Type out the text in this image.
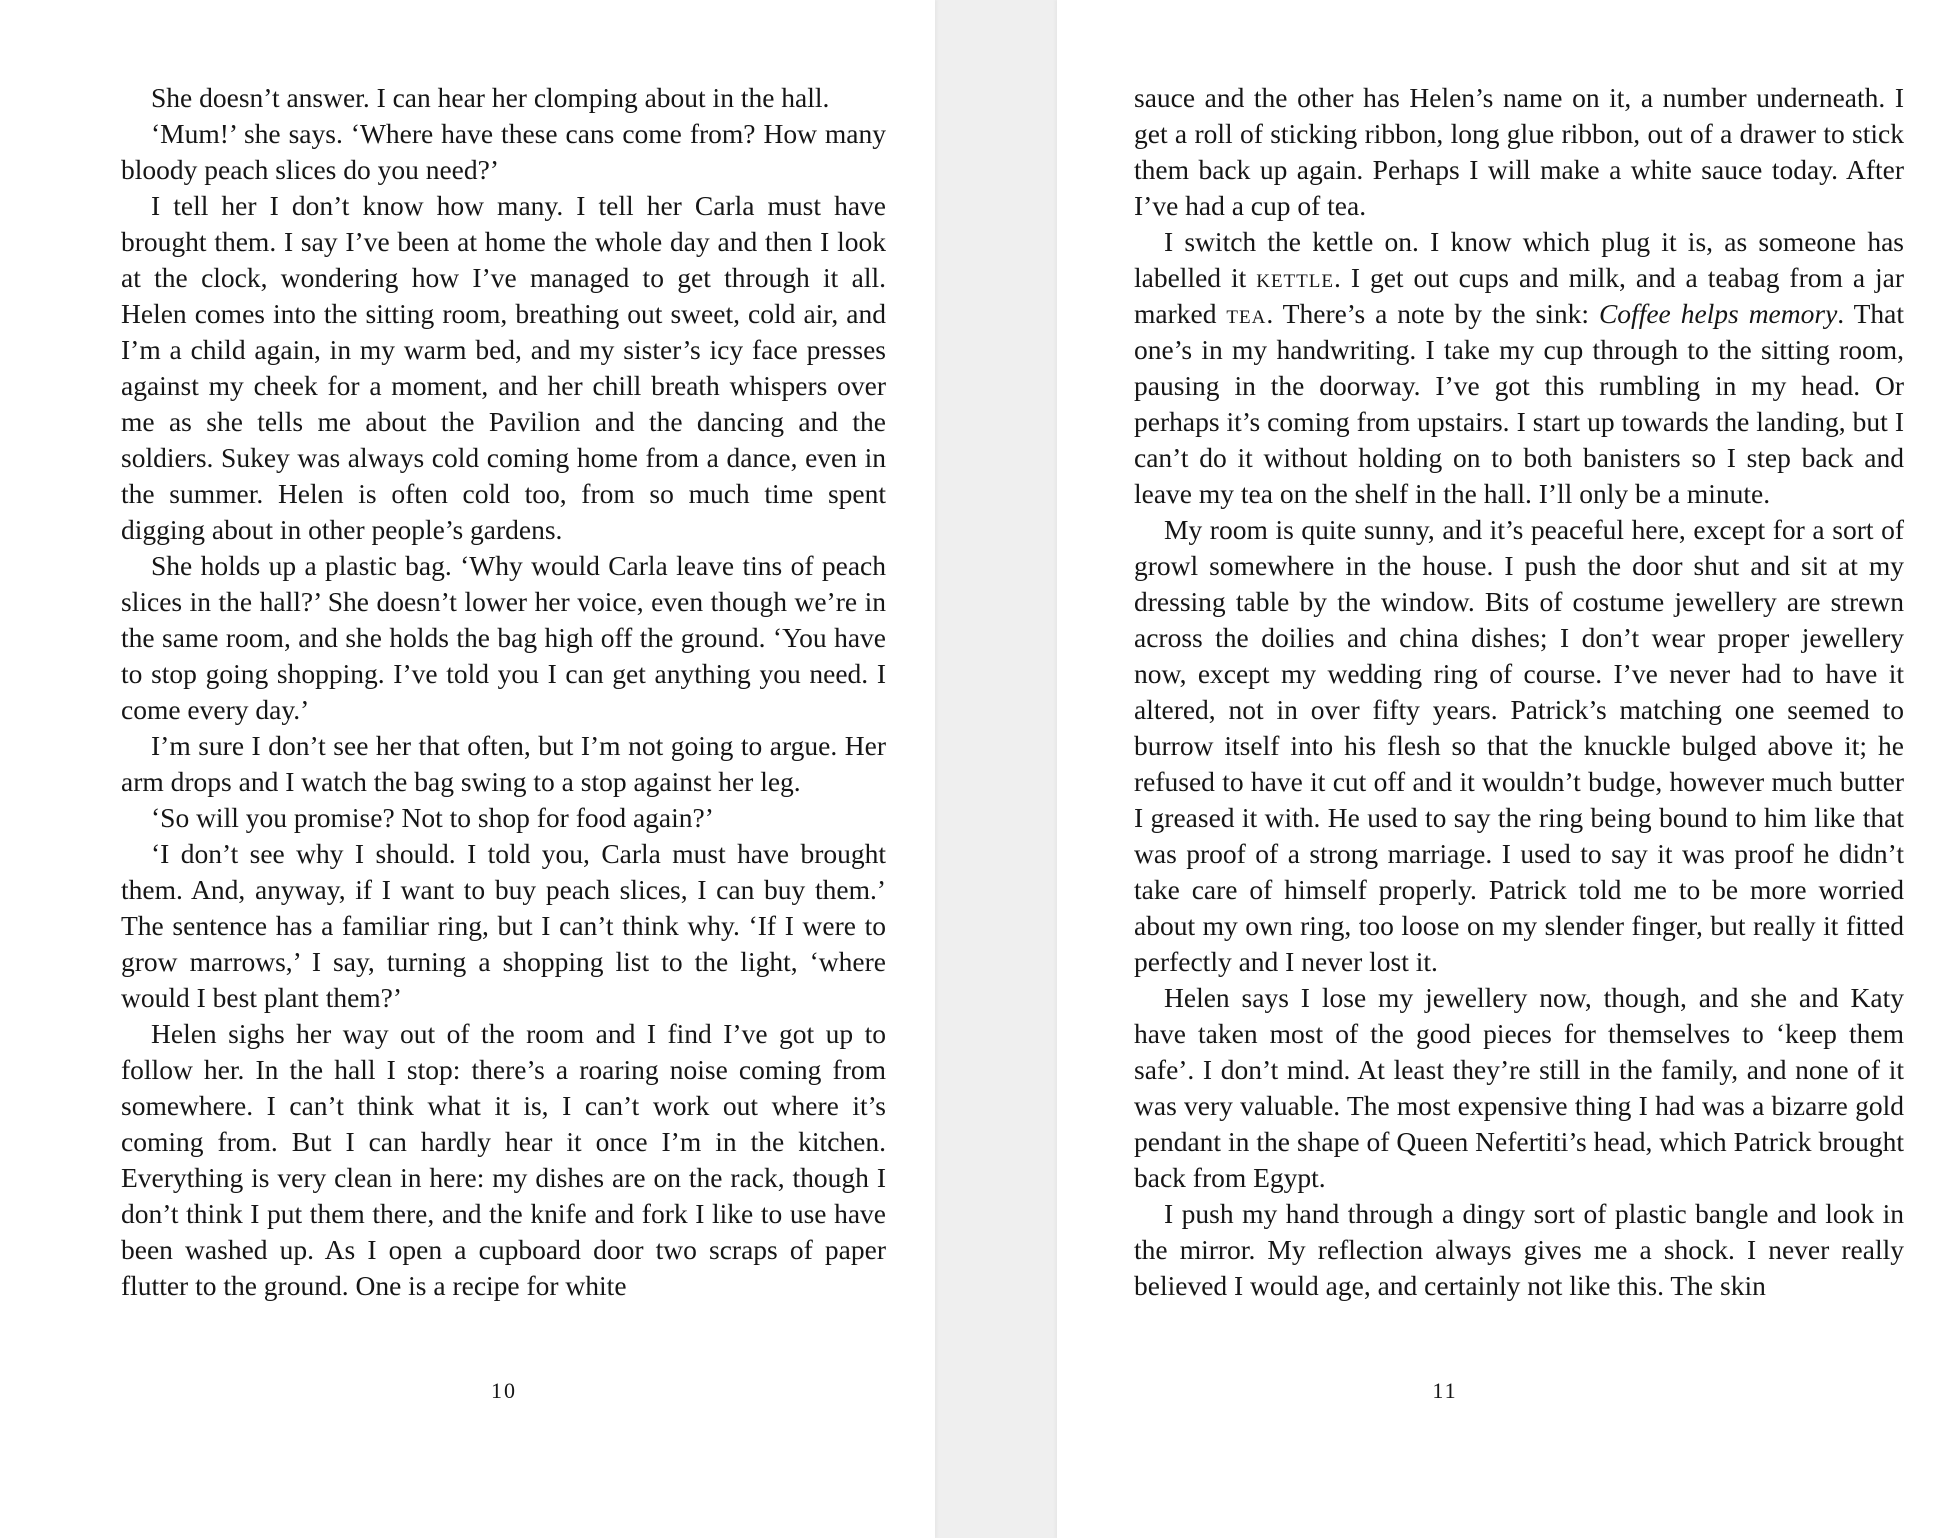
She doesn’t answer. I can hear her clomping about in the hall.

‘Mum!’ she says. ‘Where have these cans come from? How many bloody peach slices do you need?’

I tell her I don’t know how many. I tell her Carla must have brought them. I say I’ve been at home the whole day and then I look at the clock, wondering how I’ve managed to get through it all. Helen comes into the sitting room, breathing out sweet, cold air, and I’m a child again, in my warm bed, and my sister’s icy face presses against my cheek for a moment, and her chill breath whispers over me as she tells me about the Pavilion and the dancing and the soldiers. Sukey was always cold coming home from a dance, even in the summer. Helen is often cold too, from so much time spent digging about in other people’s gardens.

She holds up a plastic bag. ‘Why would Carla leave tins of peach slices in the hall?’ She doesn’t lower her voice, even though we’re in the same room, and she holds the bag high off the ground. ‘You have to stop going shopping. I’ve told you I can get anything you need. I come every day.’

I’m sure I don’t see her that often, but I’m not going to argue. Her arm drops and I watch the bag swing to a stop against her leg.

‘So will you promise? Not to shop for food again?’

‘I don’t see why I should. I told you, Carla must have brought them. And, anyway, if I want to buy peach slices, I can buy them.’ The sentence has a familiar ring, but I can’t think why. ‘If I were to grow marrows,’ I say, turning a shopping list to the light, ‘where would I best plant them?’

Helen sighs her way out of the room and I find I’ve got up to follow her. In the hall I stop: there’s a roaring noise coming from somewhere. I can’t think what it is, I can’t work out where it’s coming from. But I can hardly hear it once I’m in the kitchen. Everything is very clean in here: my dishes are on the rack, though I don’t think I put them there, and the knife and fork I like to use have been washed up. As I open a cupboard door two scraps of paper flutter to the ground. One is a recipe for white

10

sauce and the other has Helen’s name on it, a number underneath. I get a roll of sticking ribbon, long glue ribbon, out of a drawer to stick them back up again. Perhaps I will make a white sauce today. After I’ve had a cup of tea.

I switch the kettle on. I know which plug it is, as someone has labelled it kettle. I get out cups and milk, and a teabag from a jar marked tea. There’s a note by the sink: Coffee helps memory. That one’s in my handwriting. I take my cup through to the sitting room, pausing in the doorway. I’ve got this rumbling in my head. Or perhaps it’s coming from upstairs. I start up towards the landing, but I can’t do it without holding on to both banisters so I step back and leave my tea on the shelf in the hall. I’ll only be a minute.

My room is quite sunny, and it’s peaceful here, except for a sort of growl somewhere in the house. I push the door shut and sit at my dressing table by the window. Bits of costume jewellery are strewn across the doilies and china dishes; I don’t wear proper jewellery now, except my wedding ring of course. I’ve never had to have it altered, not in over fifty years. Patrick’s matching one seemed to burrow itself into his flesh so that the knuckle bulged above it; he refused to have it cut off and it wouldn’t budge, however much butter I greased it with. He used to say the ring being bound to him like that was proof of a strong marriage. I used to say it was proof he didn’t take care of himself properly. Patrick told me to be more worried about my own ring, too loose on my slender finger, but really it fitted perfectly and I never lost it.

Helen says I lose my jewellery now, though, and she and Katy have taken most of the good pieces for themselves to ‘keep them safe’. I don’t mind. At least they’re still in the family, and none of it was very valuable. The most expensive thing I had was a bizarre gold pendant in the shape of Queen Nefertiti’s head, which Patrick brought back from Egypt.

I push my hand through a dingy sort of plastic bangle and look in the mirror. My reflection always gives me a shock. I never really believed I would age, and certainly not like this. The skin

11
